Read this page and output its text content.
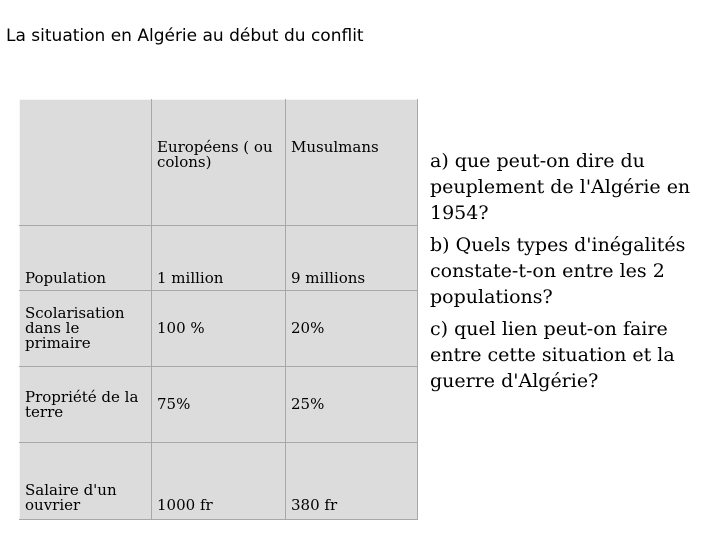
La situation en Algérie au début du conflit
	Européens ( ou colons)	Musulmans
Population	1 million	9 millions
Scolarisation dans le primaire	100 %	20%
Propriété de la terre	75%	25%
Salaire d'un ouvrier	1000 fr	380 fr

a) que peut-on dire du peuplement de l'Algérie en 1954?

b) Quels types d'inégalités constate-t-on entre les 2 populations?

c) quel lien peut-on faire entre cette situation et la guerre d'Algérie?
